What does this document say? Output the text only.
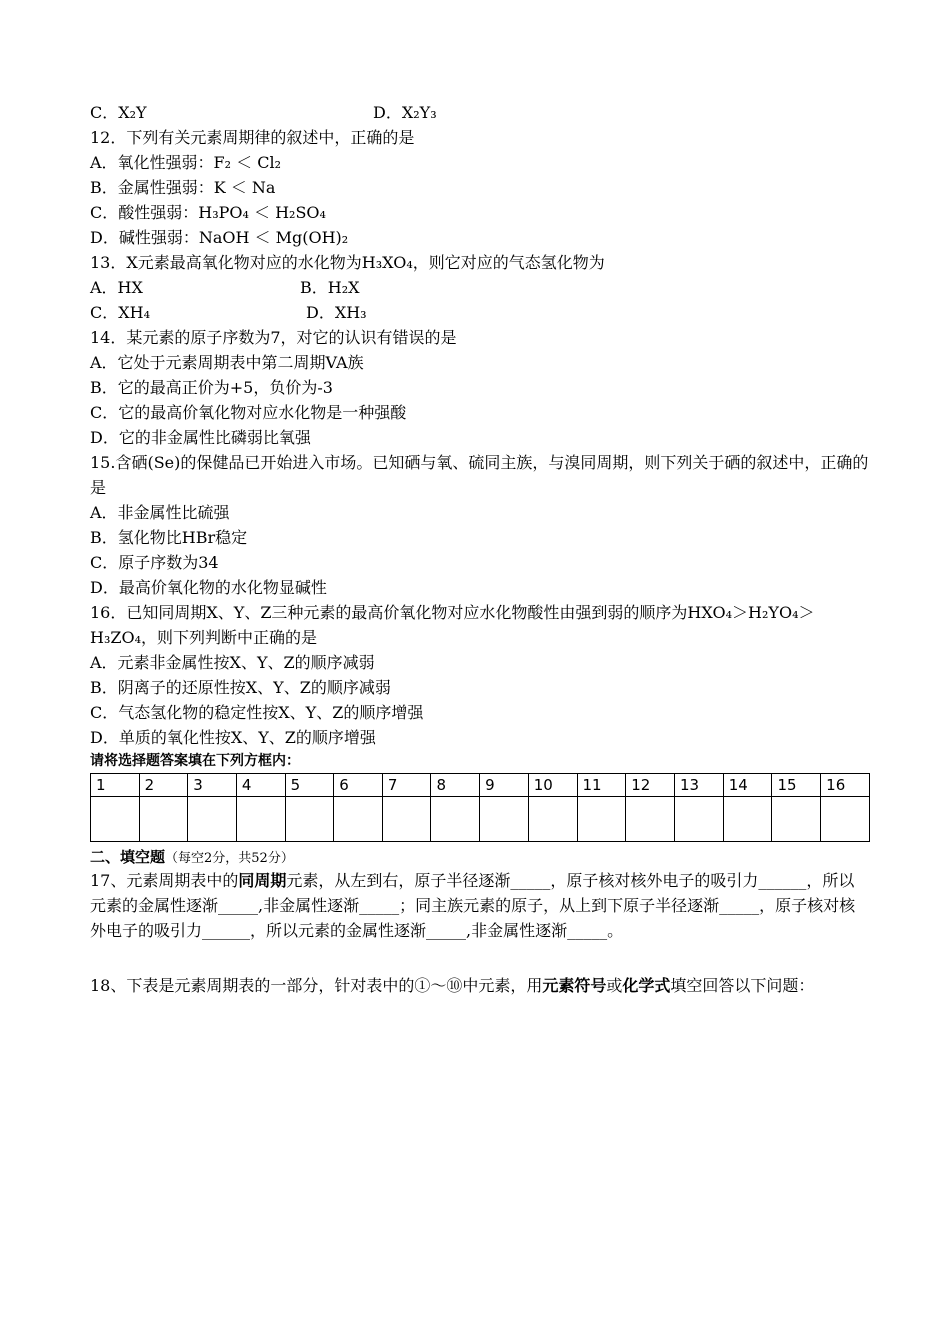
C．X₂Y	D．X₂Y₃
12．下列有关元素周期律的叙述中，正确的是
A．氧化性强弱：F₂ ＜ Cl₂
B．金属性强弱：K ＜ Na
C．酸性强弱：H₃PO₄ ＜ H₂SO₄
D．碱性强弱：NaOH ＜ Mg(OH)₂
13．X元素最高氧化物对应的水化物为H₃XO₄，则它对应的气态氢化物为
A．HX	B．H₂X
C．XH₄	D．XH₃
14．某元素的原子序数为7，对它的认识有错误的是
A．它处于元素周期表中第二周期VA族
B．它的最高正价为+5，负价为-3
C．它的最高价氧化物对应水化物是一种强酸
D．它的非金属性比磷弱比氧强
15.含硒(Se)的保健品已开始进入市场。已知硒与氧、硫同主族，与溴同周期，则下列关于硒的叙述中，正确的是
A．非金属性比硫强
B．氢化物比HBr稳定
C．原子序数为34
D．最高价氧化物的水化物显碱性
16．已知同周期X、Y、Z三种元素的最高价氧化物对应水化物酸性由强到弱的顺序为HXO₄＞H₂YO₄＞H₃ZO₄，则下列判断中正确的是
A．元素非金属性按X、Y、Z的顺序减弱
B．阴离子的还原性按X、Y、Z的顺序减弱
C．气态氢化物的稳定性按X、Y、Z的顺序增强
D．单质的氧化性按X、Y、Z的顺序增强
请将选择题答案填在下列方框内：
1	2	3	4	5	6	7	8	9	10	11	12	13	14	15	16

二、填空题（每空2分，共52分）
17、元素周期表中的同周期元素，从左到右，原子半径逐渐_____，原子核对核外电子的吸引力______，所以元素的金属性逐渐_____,非金属性逐渐_____；同主族元素的原子，从上到下原子半径逐渐_____，原子核对核外电子的吸引力______，所以元素的金属性逐渐_____,非金属性逐渐_____。
18、下表是元素周期表的一部分，针对表中的①～⑩中元素，用元素符号或化学式填空回答以下问题：
